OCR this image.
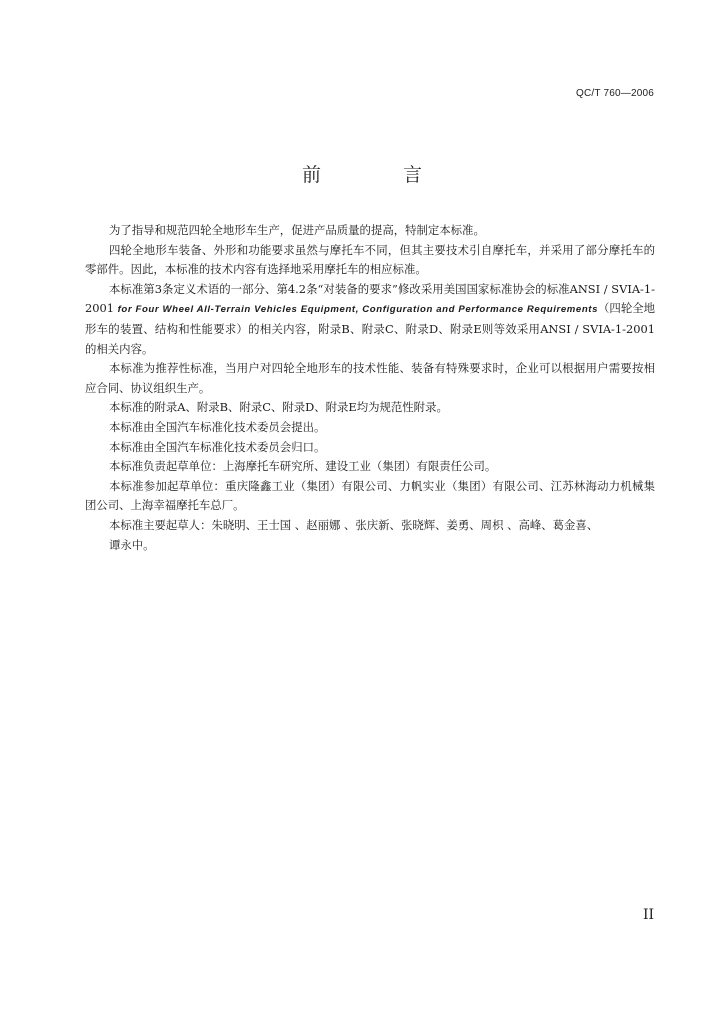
QC/T 760—2006
前 言

为了指导和规范四轮全地形车生产，促进产品质量的提高，特制定本标准。

四轮全地形车装备、外形和功能要求虽然与摩托车不同，但其主要技术引自摩托车，并采用了部分摩托车的零部件。因此，本标准的技术内容有选择地采用摩托车的相应标准。

本标准第3条定义术语的一部分、第4.2条“对装备的要求”修改采用美国国家标准协会的标准ANSI / SVIA-1-2001 for Four Wheel All-Terrain Vehicles Equipment, Configuration and Performance Requirements（四轮全地形车的装置、结构和性能要求）的相关内容，附录B、附录C、附录D、附录E则等效采用ANSI / SVIA-1-2001的相关内容。

本标准为推荐性标准，当用户对四轮全地形车的技术性能、装备有特殊要求时，企业可以根据用户需要按相应合同、协议组织生产。

本标准的附录A、附录B、附录C、附录D、附录E均为规范性附录。

本标准由全国汽车标准化技术委员会提出。

本标准由全国汽车标准化技术委员会归口。

本标准负责起草单位：上海摩托车研究所、建设工业（集团）有限责任公司。

本标准参加起草单位：重庆隆鑫工业（集团）有限公司、力帆实业（集团）有限公司、江苏林海动力机械集团公司、上海幸福摩托车总厂。

本标准主要起草人：朱晓明、王士国 、赵丽娜 、张庆新、张晓辉、姜勇、周枳 、高峰、葛金喜、

谭永中。

II
